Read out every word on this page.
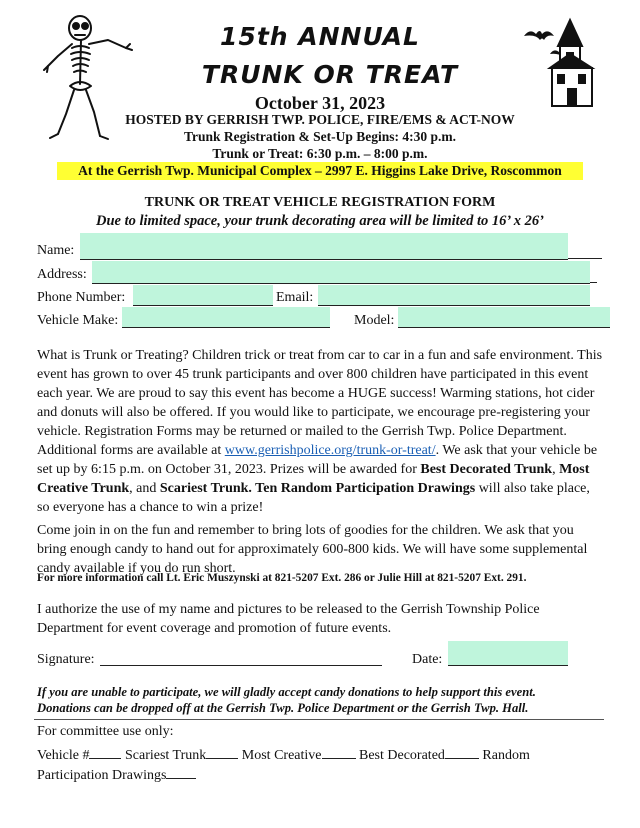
15th ANNUAL
TRUNK OR TREAT
October 31, 2023
HOSTED BY GERRISH TWP. POLICE, FIRE/EMS & ACT-NOW
Trunk Registration & Set-Up Begins: 4:30 p.m.
Trunk or Treat: 6:30 p.m. – 8:00 p.m.
At the Gerrish Twp. Municipal Complex – 2997 E. Higgins Lake Drive, Roscommon
TRUNK OR TREAT VEHICLE REGISTRATION FORM
Due to limited space, your trunk decorating area will be limited to 16’ x 26’
Name:
Address:
Phone Number:	Email:
Vehicle Make:	Model:
What is Trunk or Treating? Children trick or treat from car to car in a fun and safe environment. This event has grown to over 45 trunk participants and over 800 children have participated in this event each year. We are proud to say this event has become a HUGE success! Warming stations, hot cider and donuts will also be offered. If you would like to participate, we encourage pre-registering your vehicle. Registration Forms may be returned or mailed to the Gerrish Twp. Police Department. Additional forms are available at www.gerrishpolice.org/trunk-or-treat/. We ask that your vehicle be set up by 6:15 p.m. on October 31, 2023. Prizes will be awarded for Best Decorated Trunk, Most Creative Trunk, and Scariest Trunk. Ten Random Participation Drawings will also take place, so everyone has a chance to win a prize!
Come join in on the fun and remember to bring lots of goodies for the children. We ask that you bring enough candy to hand out for approximately 600-800 kids. We will have some supplemental candy available if you do run short.
For more information call Lt. Eric Muszynski at 821-5207 Ext. 286 or Julie Hill at 821-5207 Ext. 291.
I authorize the use of my name and pictures to be released to the Gerrish Township Police Department for event coverage and promotion of future events.
Signature:	Date:
If you are unable to participate, we will gladly accept candy donations to help support this event.
Donations can be dropped off at the Gerrish Twp. Police Department or the Gerrish Twp. Hall.
For committee use only:
Vehicle #	Scariest Trunk	Most Creative	Best Decorated	Random Participation Drawings
